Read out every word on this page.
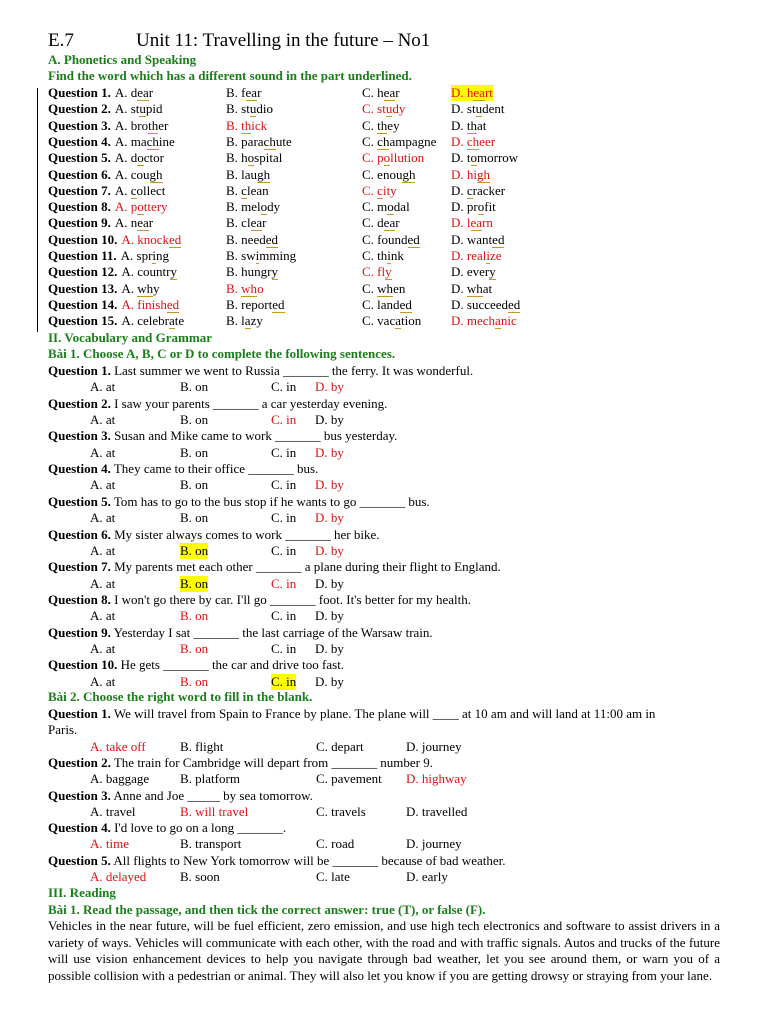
E.7	Unit 11: Travelling in the future – No1
A. Phonetics and Speaking
Find the word which has a different sound in the part underlined.
Question 1. A. dear	B. fear	C. hear	D. heart
Question 2. A. stupid	B. studio	C. study	D. student
Question 3. A. brother	B. thick	C. they	D. that
Question 4. A. machine	B. parachute	C. champagne D. cheer
Question 5. A. doctor	B. hospital	C. pollution D. tomorrow
Question 6. A. cough	B. laugh	C. enough	D. high
Question 7. A. collect	B. clean	C. city	D. cracker
Question 8. A. pottery	B. melody	C. modal	D. profit
Question 9. A. near	B. clear	C. dear	D. learn
Question 10. A. knocked	B. needed	C. founded D. wanted
Question 11. A. spring	B. swimming	C. think	D. realize
Question 12. A. country	B. hungry	C. fly	D. every
Question 13. A. why	B. who	C. when	D. what
Question 14. A. finished	B. reported	C. landed	D. succeeded
Question 15. A. celebrate	B. lazy	C. vacation D. mechanic
II. Vocabulary and Grammar
Bài 1. Choose A, B, C or D to complete the following sentences.
Question 1. Last summer we went to Russia _______ the ferry. It was wonderful.
A. at	B. on	C. in D. by
Question 2. I saw your parents _______ a car yesterday evening.
A. at	B. on	C. in D. by
Question 3. Susan and Mike came to work _______ bus yesterday.
A. at	B. on	C. in D. by
Question 4. They came to their office _______ bus.
A. at	B. on	C. in D. by
Question 5. Tom has to go to the bus stop if he wants to go _______ bus.
A. at	B. on	C. in D. by
Question 6. My sister always comes to work _______ her bike.
A. at	B. on	C. in D. by
Question 7. My parents met each other _______ a plane during their flight to England.
A. at	B. on	C. in D. by
Question 8. I won't go there by car. I'll go _______ foot. It's better for my health.
A. at	B. on	C. in D. by
Question 9. Yesterday I sat _______ the last carriage of the Warsaw train.
A. at	B. on	C. in D. by
Question 10. He gets _______ the car and drive too fast.
A. at	B. on	C. in D. by
Bài 2. Choose the right word to fill in the blank.
Question 1. We will travel from Spain to France by plane. The plane will ____ at 10 am and will land at 11:00 am in
Paris.
A. take off	B. flight	C. depart	D. journey
Question 2. The train for Cambridge will depart from _______ number 9.
A. baggage B. platform	C. pavement D. highway
Question 3. Anne and Joe _____ by sea tomorrow.
A. travel	B. will travel	C. travels	D. travelled
Question 4. I'd love to go on a long _______.
A. time	B. transport	C. road	D. journey
Question 5. All flights to New York tomorrow will be _______ because of bad weather.
A. delayed	B. soon	C. late	D. early
III. Reading
Bài 1. Read the passage, and then tick the correct answer: true (T), or false (F).
Vehicles in the near future, will be fuel efficient, zero emission, and use high tech electronics and software to assist drivers in a variety of ways. Vehicles will communicate with each other, with the road and with traffic signals. Autos and trucks of the future will use vision enhancement devices to help you navigate through bad weather, let you see around them, or warn you of a possible collision with a pedestrian or animal. They will also let you know if you are getting drowsy or straying from your lane.
